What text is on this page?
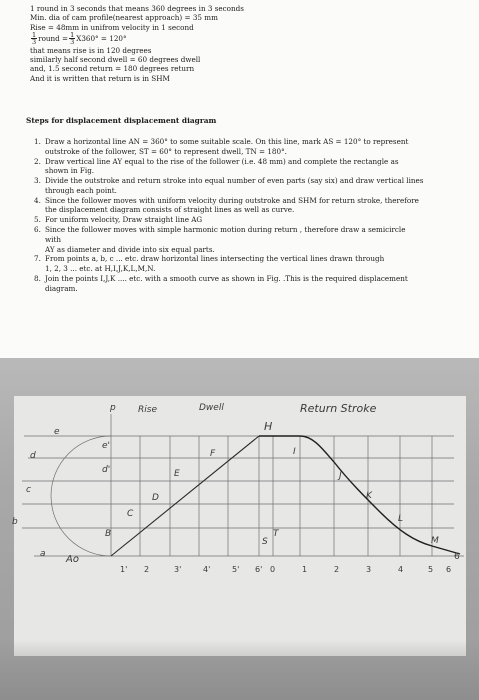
1 round in 3 seconds that means 360 degrees in 3 seconds
Min. dia of cam profile(nearest approach) = 35 mm
Rise = 48mm in unifrom velocity in 1 second
$\frac{1}{3}$ round = $\frac{1}{3} X360^\circ = 120^\circ$
that means rise is in 120 degrees
similarly half second dwell = 60 degrees dwell
and, 1.5 second return = 180 degrees return
And it is written that return is in SHM
Steps for displacement displacement diagram
1. Draw a horizontal line AN = 360° to some suitable scale. On this line, mark AS = 120° to represent
outstroke of the follower, ST = 60° to represent dwell, TN = 180°.
2. Draw vertical line AY equal to the rise of the follower (i.e. 48 mm) and complete the rectangle as
shown in Fig.
3. Divide the outstroke and return stroke into equal number of even parts (say six) and draw vertical lines
through each point.
4. Since the follower moves with uniform velocity during outstroke and SHM for return stroke, therefore
the displacement diagram consists of straight lines as well as curve.
5. For uniform velocity, Draw straight line AG
6. Since the follower moves with simple harmonic motion during return , therefore draw a semicircle
with
AY as diameter and divide into six equal parts.
7. From points a, b, c ... etc. draw horizontal lines intersecting the vertical lines drawn through
1, 2, 3 ... etc. at H,I,J,K,L,M,N.
8. Join the points I,J,K .... etc. with a smooth curve as shown in Fig. .This is the required displacement
diagram.
p Rise	Dwell	Return Stroke
H
I
J
K
L
M
F
E
D
C
B
Ao
e
d
c
b
a
e'
d'
S
T
1' 2	3'	4'	5' 6' 0	1	2	3	4	5 6
6
